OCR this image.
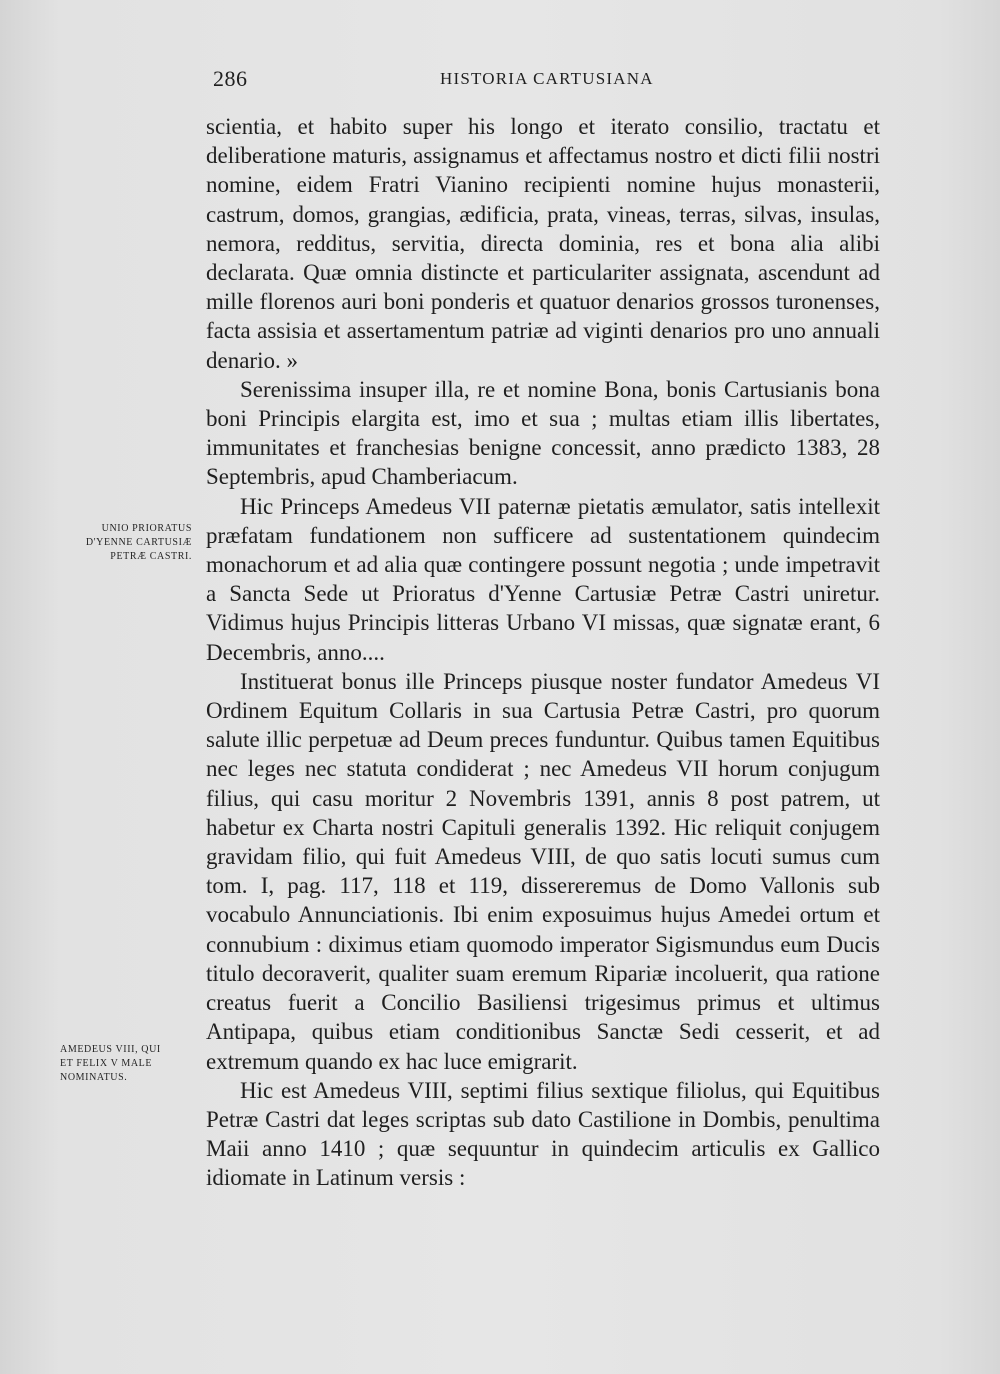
286	HISTORIA CARTUSIANA
UNIO PRIORATUS
D'YENNE CARTUSIÆ
PETRÆ CASTRI.
AMEDEUS VIII, QUI
ET FELIX V MALE
NOMINATUS.

scientia, et habito super his longo et iterato consilio, tractatu et deliberatione maturis, assignamus et affectamus nostro et dicti filii nostri nomine, eidem Fratri Vianino recipienti nomine hujus monasterii, castrum, domos, grangias, ædificia, prata, vineas, terras, silvas, insulas, nemora, redditus, servitia, directa dominia, res et bona alia alibi declarata. Quæ omnia distincte et particulariter assignata, ascendunt ad mille florenos auri boni ponderis et quatuor denarios grossos turonenses, facta assisia et assertamentum patriæ ad viginti denarios pro uno annuali denario. »

Serenissima insuper illa, re et nomine Bona, bonis Cartusianis bona boni Principis elargita est, imo et sua ; multas etiam illis libertates, immunitates et franchesias benigne concessit, anno prædicto 1383, 28 Septembris, apud Chamberiacum.

Hic Princeps Amedeus VII paternæ pietatis æmulator, satis intellexit præfatam fundationem non sufficere ad sustentationem quindecim monachorum et ad alia quæ contingere possunt negotia ; unde impetravit a Sancta Sede ut Prioratus d'Yenne Cartusiæ Petræ Castri uniretur. Vidimus hujus Principis litteras Urbano VI missas, quæ signatæ erant, 6 Decembris, anno....

Instituerat bonus ille Princeps piusque noster fundator Amedeus VI Ordinem Equitum Collaris in sua Cartusia Petræ Castri, pro quorum salute illic perpetuæ ad Deum preces funduntur. Quibus tamen Equitibus nec leges nec statuta condiderat ; nec Amedeus VII horum conjugum filius, qui casu moritur 2 Novembris 1391, annis 8 post patrem, ut habetur ex Charta nostri Capituli generalis 1392. Hic reliquit conjugem gravidam filio, qui fuit Amedeus VIII, de quo satis locuti sumus cum tom. I, pag. 117, 118 et 119, dissereremus de Domo Vallonis sub vocabulo Annunciationis. Ibi enim exposuimus hujus Amedei ortum et connubium : diximus etiam quomodo imperator Sigismundus eum Ducis titulo decoraverit, qualiter suam eremum Ripariæ incoluerit, qua ratione creatus fuerit a Concilio Basiliensi trigesimus primus et ultimus Antipapa, quibus etiam conditionibus Sanctæ Sedi cesserit, et ad extremum quando ex hac luce emigrarit.

Hic est Amedeus VIII, septimi filius sextique filiolus, qui Equitibus Petræ Castri dat leges scriptas sub dato Castilione in Dombis, penultima Maii anno 1410 ; quæ sequuntur in quindecim articulis ex Gallico idiomate in Latinum versis :
